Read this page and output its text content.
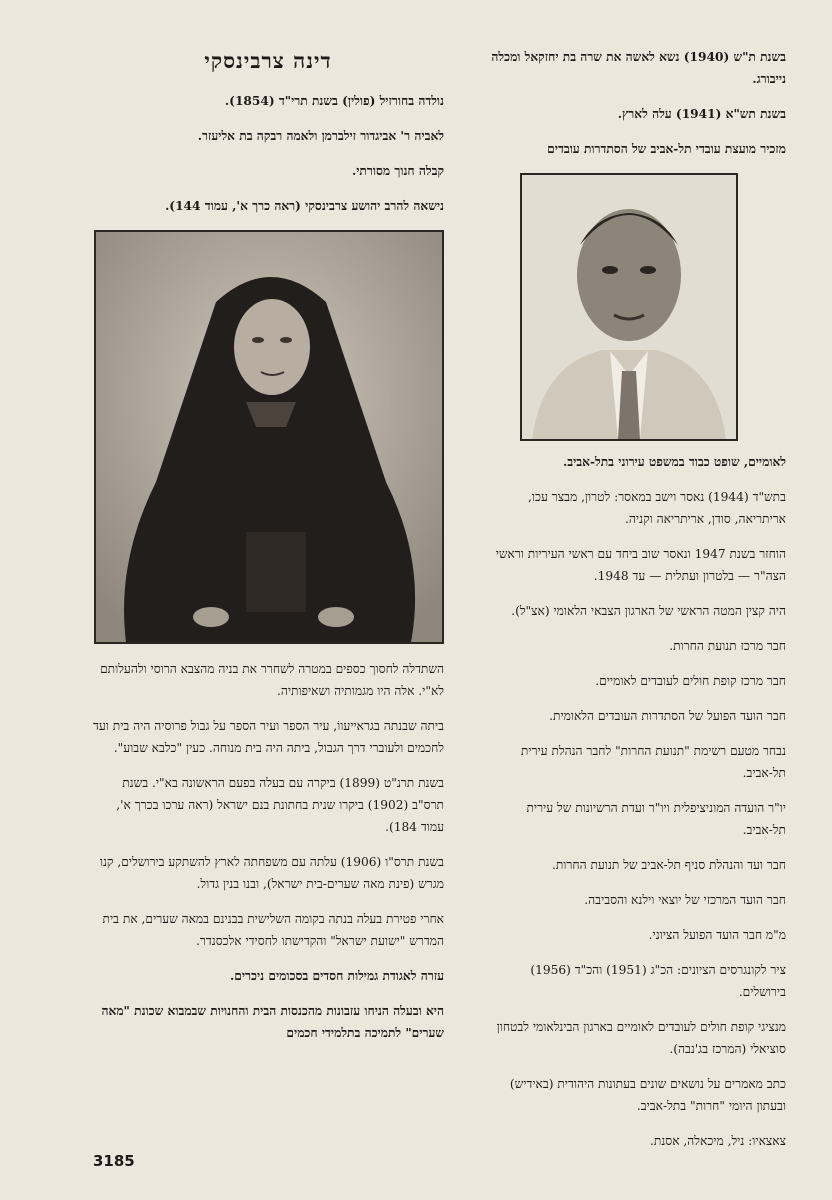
דינה צרבינסקי

נולדה בחורזיל (פולין) בשנת תרי"ד (1854).

לאביה ר' אביגדור זילברמן ולאמה רבקה בת אליעזר.

קבלה חנוך מסורתי.

נישאה להרב יהושע צרבינסקי (ראה כרך א', עמוד 144).

השתדלה לחסוך כספים במטרה לשחרר את בניה מהצבא הרוסי ולהעלותם לא"י. אלה היו מגמותיה ושאיפותיה.

ביתה שבנתה בגראייעווֹ, עיר הספר ועיר הספר על גבול פרוסיה היה בית ועד לחכמים ולעוברי דרך הגבול, ביתה היה בית מנוחה. כעין "כלבא שבוע".

בשנת תרנ"ט (1899) ביקרה עם בעלה בפעם הראשונה בא"י. בשנת תרס"ב (1902) ביקרו שנית בחתונת בנם ישראל (ראה ערכו בכרך א', עמוד 184).

בשנת תרס"ו (1906) עלתה עם משפחתה לארץ להשתקע בירושלים, קנו מגרש (פינת מאה שערים-בית ישראל), ובנו בנין גדול.

אחרי פטירת בעלה בנתה בקומה השלישית בבנינם במאה שערים, את בית המדרש "ישועת ישראל" והקדישתו לחסידי אלכסנדר.

עזרה לאגודת גמילות חסדים בסכומים ניכרים.

היא ובעלה הניחו עזבונות מהכנסות הבית והחנויות שבמבוא שכונת "מאה שערים" לתמיכה בתלמידי חכמים

בשנת ת"ש (1940) נשא לאשה את שרה בת יחזקאל ומכלה נייבורג.

בשנת תש"א (1941) עלה לארץ.

מזכיר מועצת עובדי תל-אביב של הסתדרות עובדים

לאומיים, שופט כבוד במשפט עירוני בתל-אביב.

בתש"ד (1944) נאסר וישב במאסר: לטרון, מבצר עכו, אריתריאה, סודן, אריתריאה וקניה.

הוחזר בשנת 1947 ונאסר שוב ביחד עם ראשי העיריות וראשי הצה"ר — בלטרון ועתלית — עד 1948.

היה קצין המטה הראשי של הארגון הצבאי הלאומי (אצ"ל).

חבר מרכז תנועת החרות.

חבר מרכז קופת חולים לעובדים לאומיים.

חבר הועד הפועל של הסתדרות העובדים הלאומית.

נבחר מטעם רשימת "תנועת החרות" לחבר הנהלת עירית תל-אביב.

יו"ר הועדה המוניציפלית ויו"ר ועדת הרשיונות של עירית תל-אביב.

חבר ועד והנהלת סניף תל-אביב של תנועת החרות.

חבר הועד המרכזי של יוצאי וילנא והסביבה.

מ"מ חבר הועד הפועל הציוני.

ציר לקונגרסים הציונים: הכ"ג (1951) והכ"ד (1956) בירושלים.

מנציגי קופת חולים לעובדים לאומיים בארגון הבינלאומי לבטחון סוציאלי (המרכז בג'נבה).

כתב מאמרים על נושאים שונים בעתונות היהודית (באידיש) ובעתון היומי "חרות" בתל-אביב.

צאצאיו: ניל, מיכאלה, אסנת.

3185
